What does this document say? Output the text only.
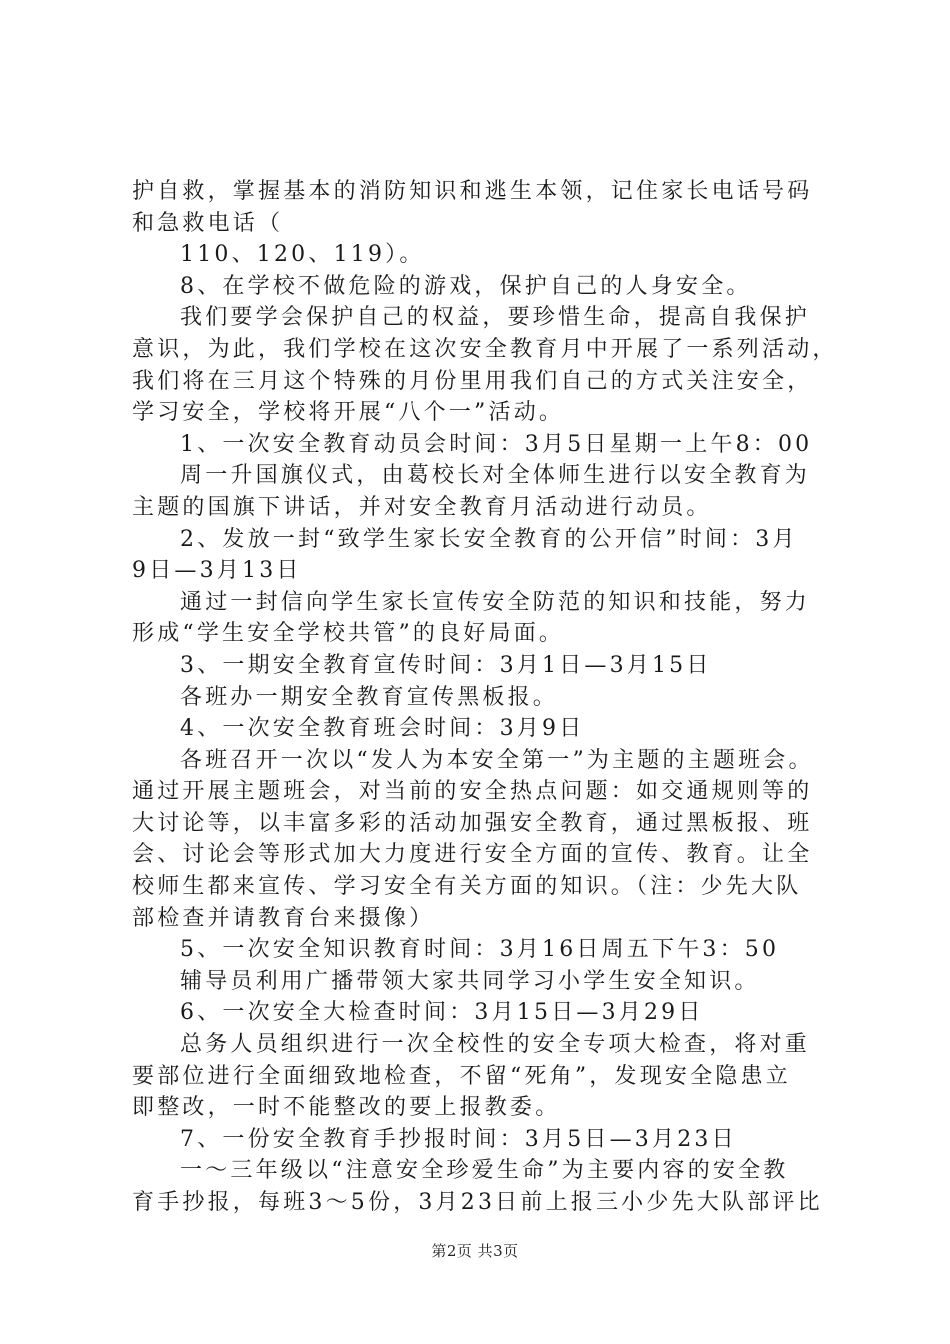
护自救，掌握基本的消防知识和逃生本领，记住家长电话号码
和急救电话（
110、120、119）。
8、在学校不做危险的游戏，保护自己的人身安全。
我们要学会保护自己的权益，要珍惜生命，提高自我保护
意识，为此，我们学校在这次安全教育月中开展了一系列活动，
我们将在三月这个特殊的月份里用我们自己的方式关注安全，
学习安全，学校将开展“八个一”活动。
1、一次安全教育动员会时间：3月5日星期一上午8：00
周一升国旗仪式，由葛校长对全体师生进行以安全教育为
主题的国旗下讲话，并对安全教育月活动进行动员。
2、发放一封“致学生家长安全教育的公开信”时间：3月
9日—3月13日
通过一封信向学生家长宣传安全防范的知识和技能，努力
形成“学生安全学校共管”的良好局面。
3、一期安全教育宣传时间：3月1日—3月15日
各班办一期安全教育宣传黑板报。
4、一次安全教育班会时间：3月9日
各班召开一次以“发人为本安全第一”为主题的主题班会。
通过开展主题班会，对当前的安全热点问题：如交通规则等的
大讨论等，以丰富多彩的活动加强安全教育，通过黑板报、班
会、讨论会等形式加大力度进行安全方面的宣传、教育。让全
校师生都来宣传、学习安全有关方面的知识。（注：少先大队
部检查并请教育台来摄像）
5、一次安全知识教育时间：3月16日周五下午3：50
辅导员利用广播带领大家共同学习小学生安全知识。
6、一次安全大检查时间：3月15日—3月29日
总务人员组织进行一次全校性的安全专项大检查，将对重
要部位进行全面细致地检查，不留“死角”，发现安全隐患立
即整改，一时不能整改的要上报教委。
7、一份安全教育手抄报时间：3月5日—3月23日
一～三年级以“注意安全珍爱生命”为主要内容的安全教
育手抄报，每班3～5份，3月23日前上报三小少先大队部评比
第2页 共3页
